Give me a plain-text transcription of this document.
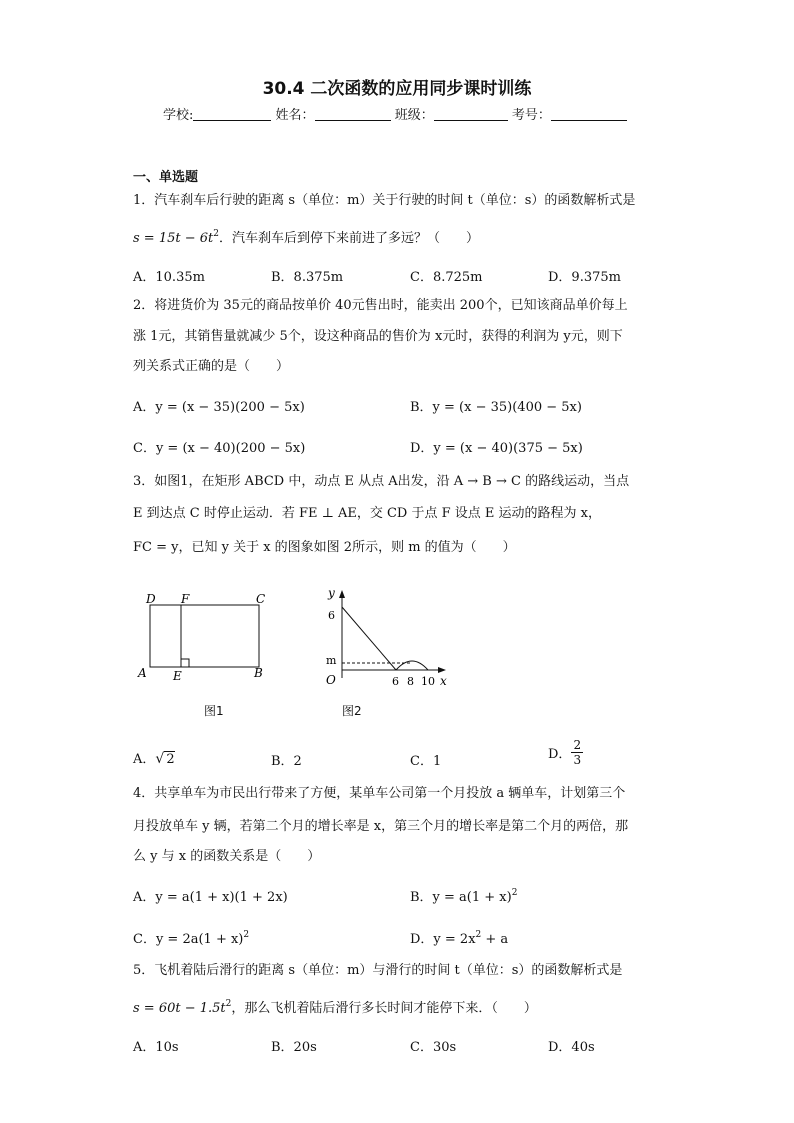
30.4 二次函数的应用同步课时训练
学校:	姓名：	班级：	考号：
一、单选题
1．汽车刹车后行驶的距离 s（单位：m）关于行驶的时间 t（单位：s）的函数解析式是
$s = 15t - 6t^2$．汽车刹车后到停下来前进了多远？（　　）
A．10.35m	B．8.375m	C．8.725m	D．9.375m
2．将进货价为 35元的商品按单价 40元售出时，能卖出 200个，已知该商品单价每上
涨 1元，其销售量就减少 5个，设这种商品的售价为 x元时，获得的利润为 y元，则下
列关系式正确的是（　　）
A．y = (x − 35)(200 − 5x)	B．y = (x − 35)(400 − 5x)
C．y = (x − 40)(200 − 5x)	D．y = (x − 40)(375 − 5x)
3．如图1，在矩形 ABCD 中，动点 E 从点 A出发，沿 A → B → C 的路线运动，当点
E 到达点 C 时停止运动．若 FE ⊥ AE，交 CD 于点 F 设点 E 运动的路程为 x，
FC = y，已知 y 关于 x 的图象如图 2所示，则 m 的值为（　　）
D F	C
A E	B
图1
y
6
m
O	6 8 10 x
图2
A．√ 2	B．2	C．1	D． $\frac{2}{3}$
4．共享单车为市民出行带来了方便，某单车公司第一个月投放 a 辆单车，计划第三个
月投放单车 y 辆，若第二个月的增长率是 x，第三个月的增长率是第二个月的两倍，那
么 y 与 x 的函数关系是（　　）
A．y = a(1 + x)(1 + 2x)	B．$y = a(1 + x)^2$
C．$y = 2a(1 + x)^2$	D．$y = 2x^2 + a$
5．飞机着陆后滑行的距离 s（单位：m）与滑行的时间 t（单位：s）的函数解析式是
$s = 60t - 1.5t^2$，那么飞机着陆后滑行多长时间才能停下来．（　　）
A．10s	B．20s	C．30s	D．40s
